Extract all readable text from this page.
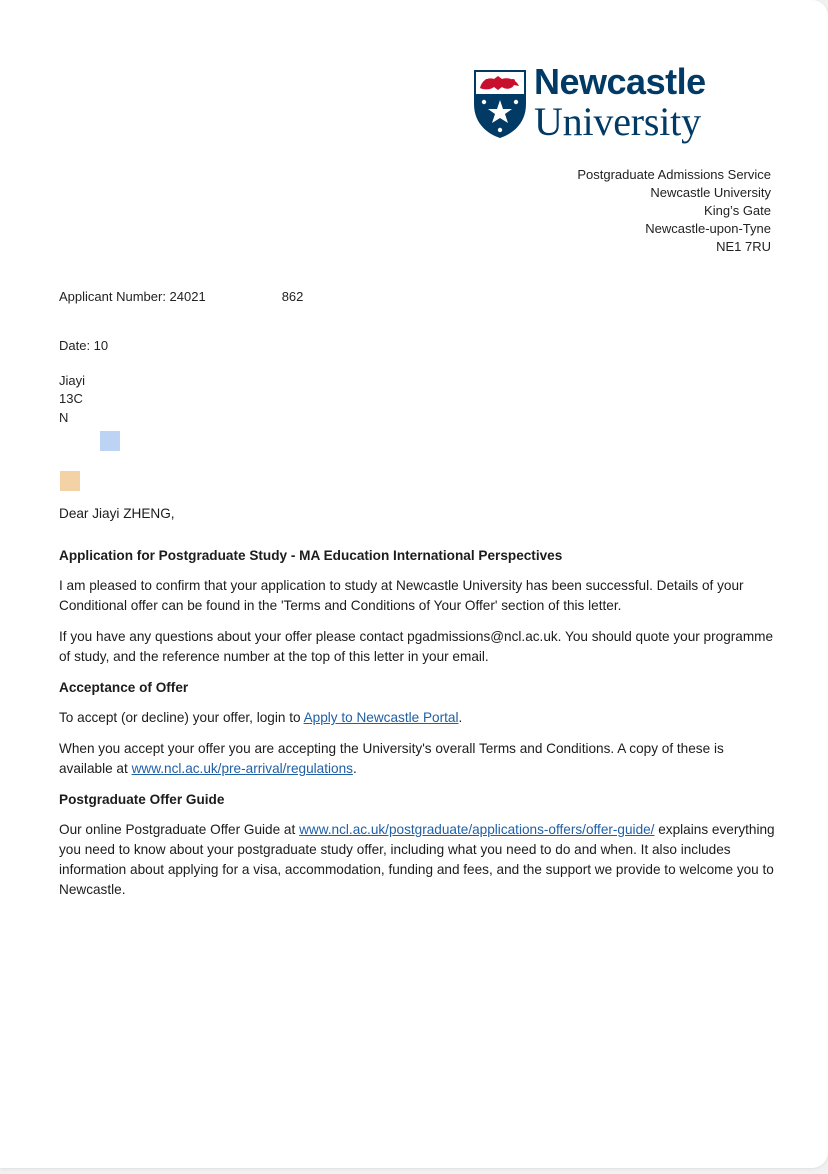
Newcastle
University
Postgraduate Admissions Service
Newcastle University
King’s Gate
Newcastle-upon-Tyne
NE1 7RU
Applicant Number: 24021	862
Date: 10
Jiayi
13C
N

Dear Jiayi ZHENG,

Application for Postgraduate Study - MA Education International Perspectives

I am pleased to confirm that your application to study at Newcastle University has been successful. Details of your Conditional offer can be found in the 'Terms and Conditions of Your Offer' section of this letter.

If you have any questions about your offer please contact pgadmissions@ncl.ac.uk. You should quote your programme of study, and the reference number at the top of this letter in your email.

Acceptance of Offer

To accept (or decline) your offer, login to Apply to Newcastle Portal.

When you accept your offer you are accepting the University's overall Terms and Conditions. A copy of these is available at www.ncl.ac.uk/pre-arrival/regulations.

Postgraduate Offer Guide

Our online Postgraduate Offer Guide at www.ncl.ac.uk/postgraduate/applications-offers/offer-guide/ explains everything you need to know about your postgraduate study offer, including what you need to do and when. It also includes information about applying for a visa, accommodation, funding and fees, and the support we provide to welcome you to Newcastle.
